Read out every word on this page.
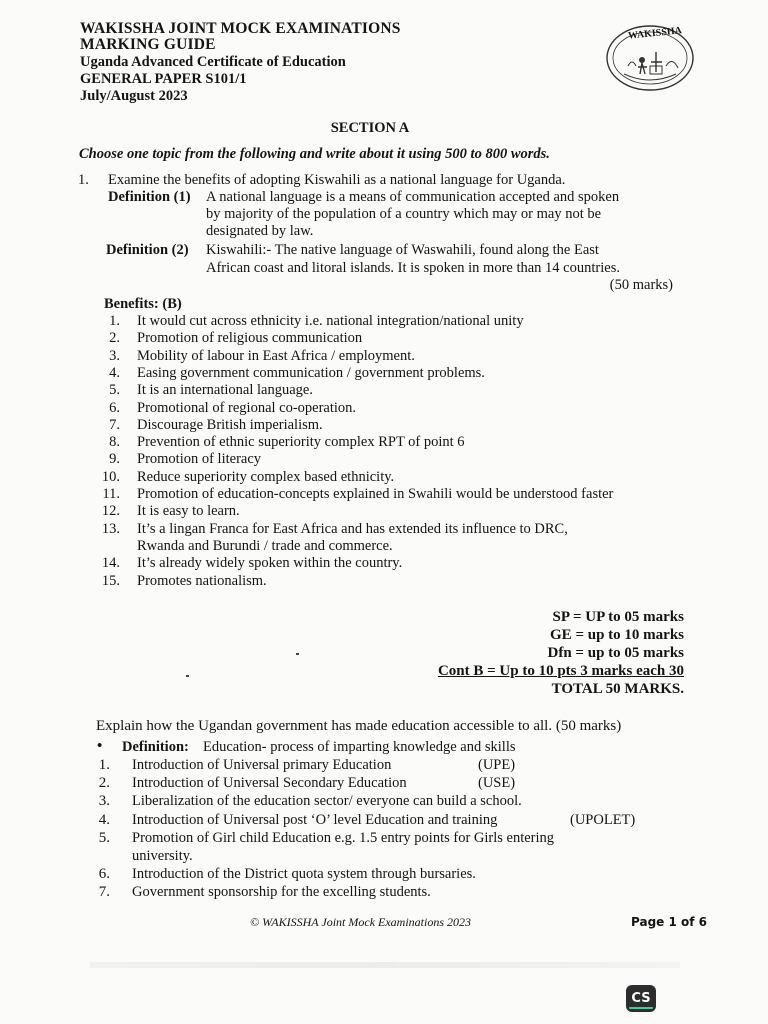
WAKISSHA JOINT MOCK EXAMINATIONS
MARKING GUIDE
Uganda Advanced Certificate of Education
GENERAL PAPER S101/1
July/August 2023
WAKISSHA
SECTION A
Choose one topic from the following and write about it using 500 to 800 words.
1. Examine the benefits of adopting Kiswahili as a national language for Uganda.
Definition (1) A national language is a means of communication accepted and spoken
by majority of the population of a country which may or may not be
designated by law.
Definition (2) Kiswahili:- The native language of Waswahili, found along the East
African coast and litoral islands. It is spoken in more than 14 countries.
(50 marks)
Benefits: (B)
1. It would cut across ethnicity i.e. national integration/national unity
2. Promotion of religious communication
3. Mobility of labour in East Africa / employment.
4. Easing government communication / government problems.
5. It is an international language.
6. Promotional of regional co-operation.
7. Discourage British imperialism.
8. Prevention of ethnic superiority complex RPT of point 6
9. Promotion of literacy
10. Reduce superiority complex based ethnicity.
11. Promotion of education-concepts explained in Swahili would be understood faster
12. It is easy to learn.
13. It’s a lingan Franca for East Africa and has extended its influence to DRC,
Rwanda and Burundi / trade and commerce.
14. It’s already widely spoken within the country.
15. Promotes nationalism.
SP = UP to 05 marks
GE = up to 10 marks
Dfn = up to 05 marks
Cont B = Up to 10 pts 3 marks each 30
TOTAL 50 MARKS.
Explain how the Ugandan government has made education accessible to all. (50 marks)
• Definition: Education- process of imparting knowledge and skills
1. Introduction of Universal primary Education	(UPE)
2. Introduction of Universal Secondary Education	(USE)
3. Liberalization of the education sector/ everyone can build a school.
4. Introduction of Universal post ‘O’ level Education and training	(UPOLET)
5. Promotion of Girl child Education e.g. 1.5 entry points for Girls entering
university.
6. Introduction of the District quota system through bursaries.
7. Government sponsorship for the excelling students.
© WAKISSHA Joint Mock Examinations 2023	Page 1 of 6
CS
